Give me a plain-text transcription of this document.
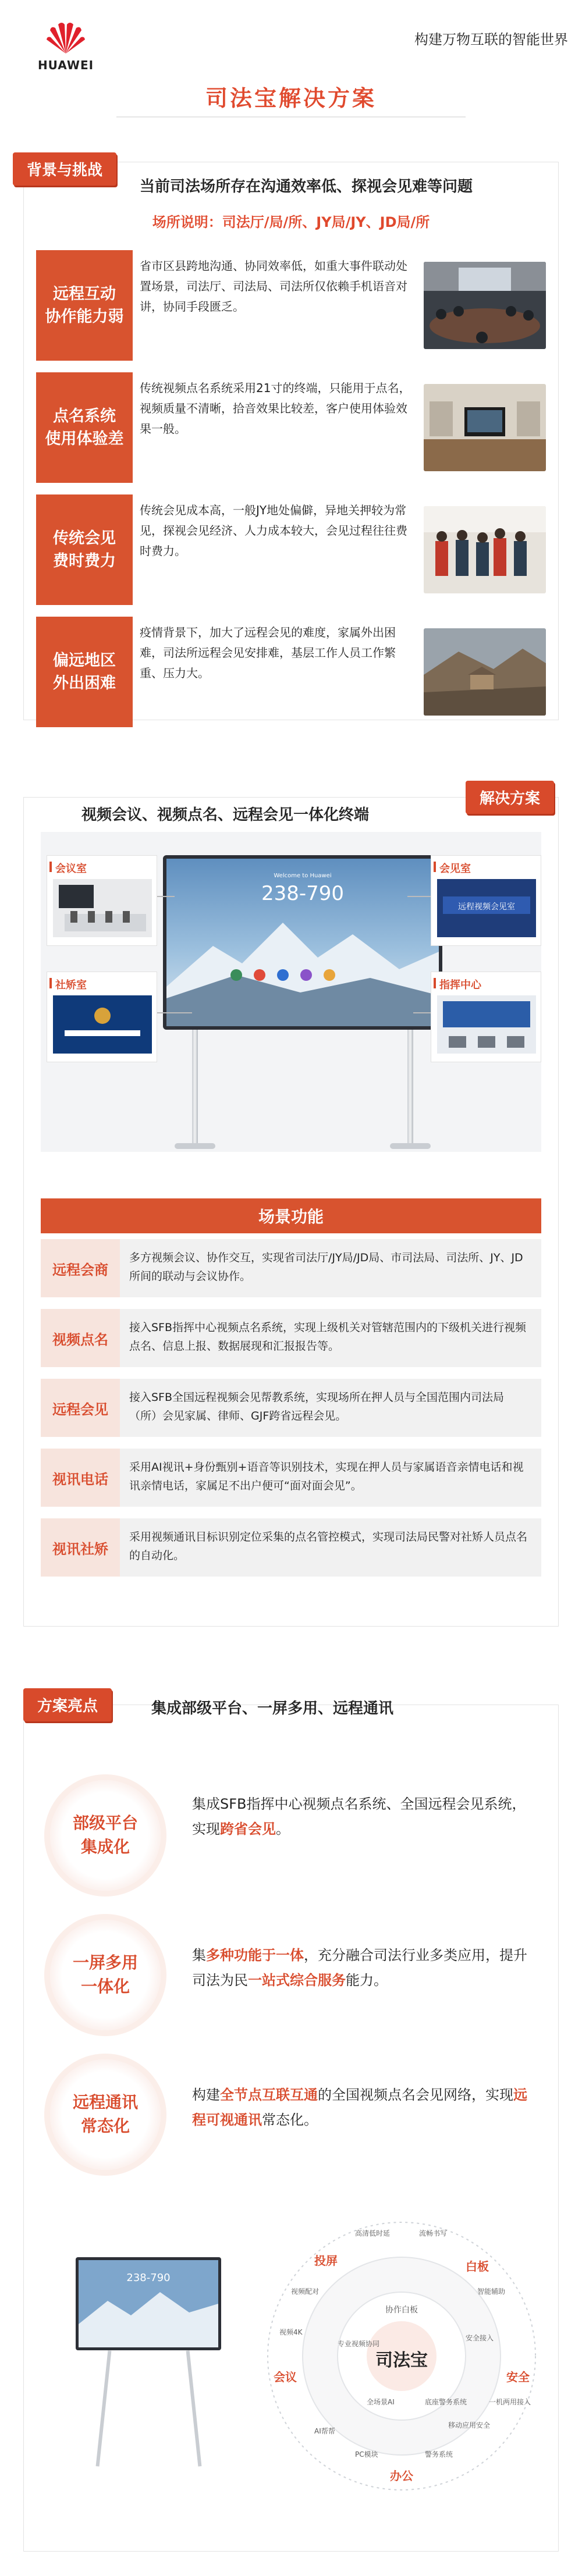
HUAWEI
构建万物互联的智能世界
司法宝解决方案
背景与挑战
当前司法场所存在沟通效率低、探视会见难等问题
场所说明：司法厅/局/所、JY局/JY、JD局/所
远程互动
协作能力弱
省市区县跨地沟通、协同效率低，如重大事件联动处置场景，司法厅、司法局、司法所仅依赖手机语音对讲，协同手段匮乏。
点名系统
使用体验差
传统视频点名系统采用21寸的终端，只能用于点名，视频质量不清晰，拾音效果比较差，客户使用体验效果一般。
传统会见
费时费力
传统会见成本高，一般JY地处偏僻，异地关押较为常见，探视会见经济、人力成本较大，会见过程往往费时费力。
偏远地区
外出困难
疫情背景下，加大了远程会见的难度，家属外出困难，司法所远程会见安排难，基层工作人员工作繁重、压力大。
解决方案
视频会议、视频点名、远程会见一体化终端
Welcome to Huawei
238-790
会议室	会见室
远程视频会见室
社矫室	指挥中心
场景功能
远程会商
多方视频会议、协作交互，实现省司法厅/JY局/JD局、市司法局、司法所、JY、JD所间的联动与会议协作。
视频点名
接入SFB指挥中心视频点名系统，实现上级机关对管辖范围内的下级机关进行视频点名、信息上报、数据展现和汇报报告等。
远程会见
接入SFB全国远程视频会见帮教系统，实现场所在押人员与全国范围内司法局（所）会见家属、律师、GJF跨省远程会见。
视讯电话
采用AI视讯+身份甄别+语音等识别技术，实现在押人员与家属语音亲情电话和视讯亲情电话，家属足不出户便可“面对面会见”。
视讯社矫
采用视频通讯目标识别定位采集的点名管控模式，实现司法局民警对社矫人员点名的自动化。
方案亮点	集成部级平台、一屏多用、远程通讯
部级平台
集成化
集成SFB指挥中心视频点名系统、全国远程会见系统，实现跨省会见。
一屏多用
一体化
集多种功能于一体，充分融合司法行业多类应用，提升司法为民一站式综合服务能力。
远程通讯
常态化
构建全节点互联互通的全国视频点名会见网络，实现远程可视通讯常态化。
238-790
司法宝
协作白板
投屏	白板
安全
办公
会议
高清低时延	流畅书写
智能辅助
安全接入
一机两用接入
移动应用安全
警务系统
PC模块
AI帮帮
视频4K
视频配对
专业视频协同
全场景AI	底座警务系统
